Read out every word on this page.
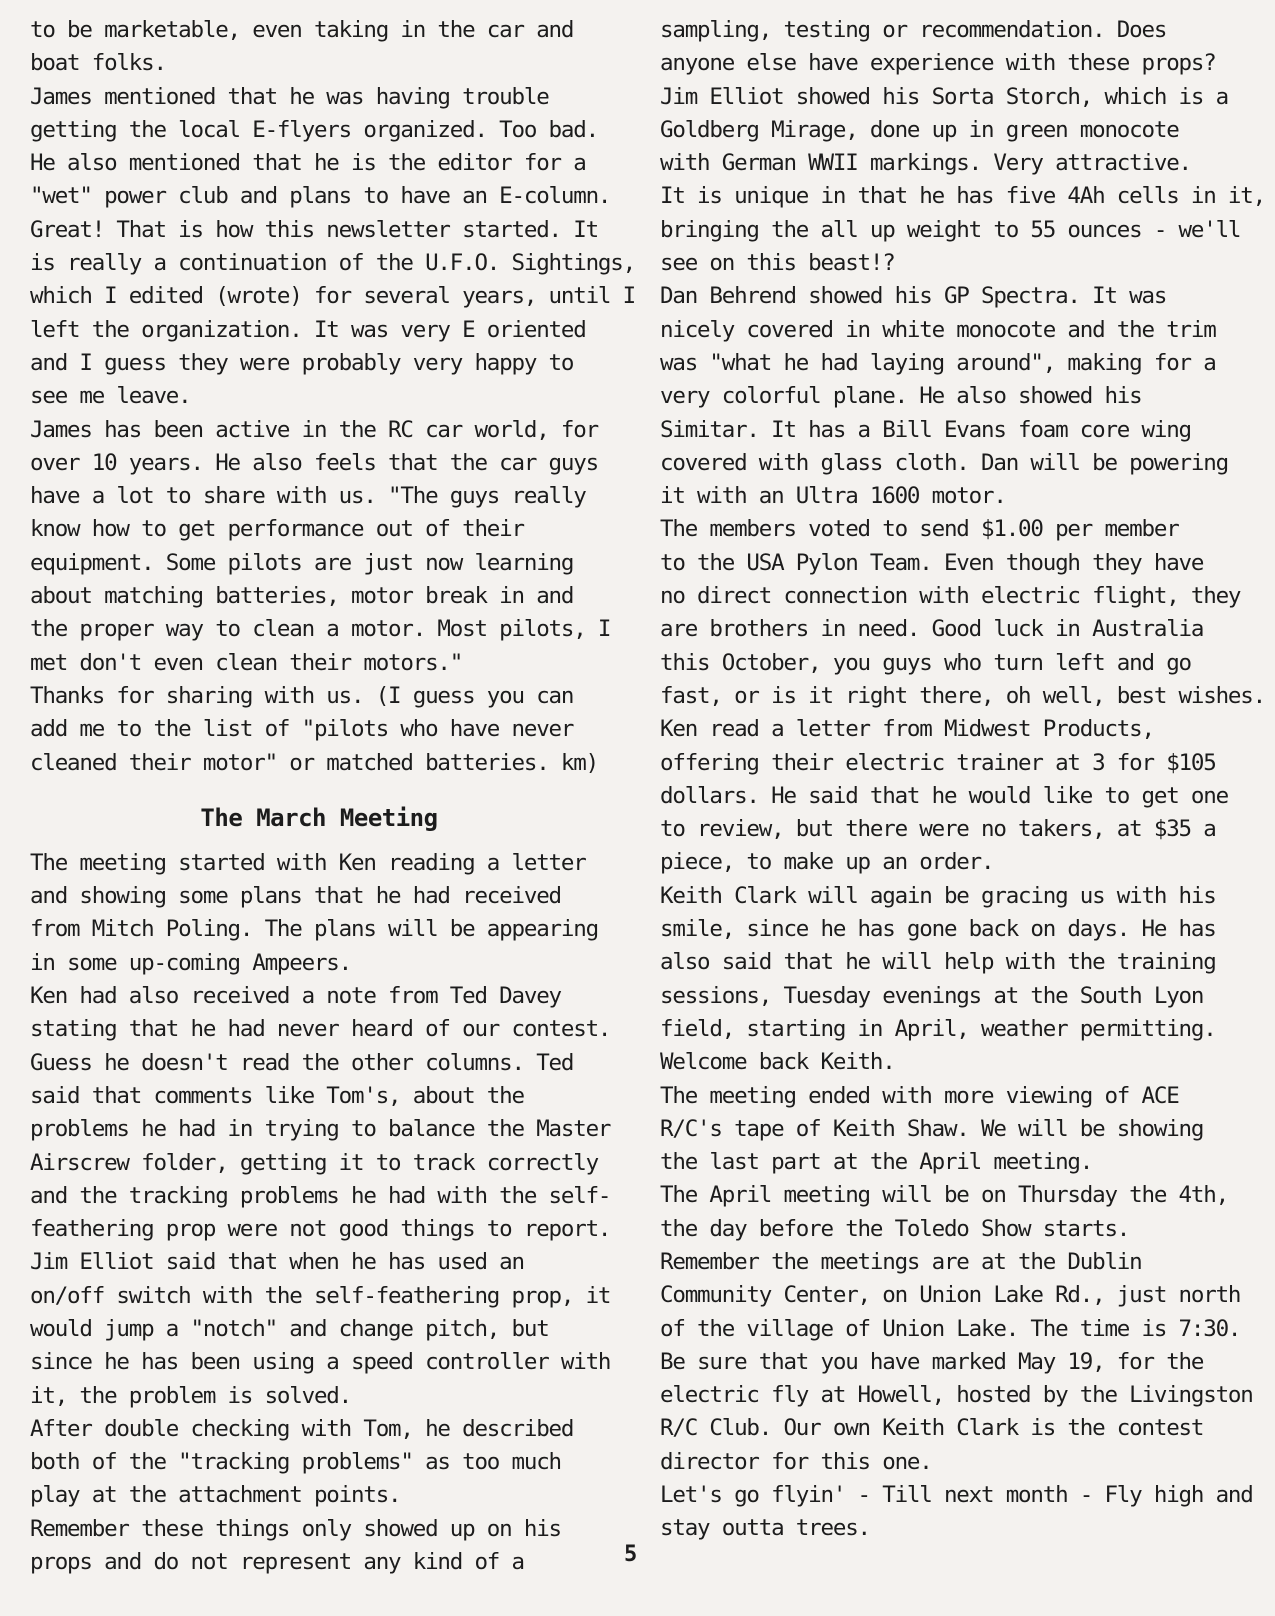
to be marketable, even taking in the car and
boat folks.
James mentioned that he was having trouble
getting the local E-flyers organized. Too bad.
He also mentioned that he is the editor for a
"wet" power club and plans to have an E-column.
Great! That is how this newsletter started. It
is really a continuation of the U.F.O. Sightings,
which I edited (wrote) for several years, until I
left the organization. It was very E oriented
and I guess they were probably very happy to
see me leave.
James has been active in the RC car world, for
over 10 years. He also feels that the car guys
have a lot to share with us. "The guys really
know how to get performance out of their
equipment. Some pilots are just now learning
about matching batteries, motor break in and
the proper way to clean a motor. Most pilots, I
met don't even clean their motors."
Thanks for sharing with us. (I guess you can
add me to the list of "pilots who have never
cleaned their motor" or matched batteries. km)
The March Meeting
The meeting started with Ken reading a letter
and showing some plans that he had received
from Mitch Poling. The plans will be appearing
in some up-coming Ampeers.
Ken had also received a note from Ted Davey
stating that he had never heard of our contest.
Guess he doesn't read the other columns. Ted
said that comments like Tom's, about the
problems he had in trying to balance the Master
Airscrew folder, getting it to track correctly
and the tracking problems he had with the self-
feathering prop were not good things to report.
Jim Elliot said that when he has used an
on/off switch with the self-feathering prop, it
would jump a "notch" and change pitch, but
since he has been using a speed controller with
it, the problem is solved.
After double checking with Tom, he described
both of the "tracking problems" as too much
play at the attachment points.
Remember these things only showed up on his
props and do not represent any kind of a
sampling, testing or recommendation. Does
anyone else have experience with these props?
Jim Elliot showed his Sorta Storch, which is a
Goldberg Mirage, done up in green monocote
with German WWII markings. Very attractive.
It is unique in that he has five 4Ah cells in it,
bringing the all up weight to 55 ounces - we'll
see on this beast!?
Dan Behrend showed his GP Spectra. It was
nicely covered in white monocote and the trim
was "what he had laying around", making for a
very colorful plane. He also showed his
Simitar. It has a Bill Evans foam core wing
covered with glass cloth. Dan will be powering
it with an Ultra 1600 motor.
The members voted to send $1.00 per member
to the USA Pylon Team. Even though they have
no direct connection with electric flight, they
are brothers in need. Good luck in Australia
this October, you guys who turn left and go
fast, or is it right there, oh well, best wishes.
Ken read a letter from Midwest Products,
offering their electric trainer at 3 for $105
dollars. He said that he would like to get one
to review, but there were no takers, at $35 a
piece, to make up an order.
Keith Clark will again be gracing us with his
smile, since he has gone back on days. He has
also said that he will help with the training
sessions, Tuesday evenings at the South Lyon
field, starting in April, weather permitting.
Welcome back Keith.
The meeting ended with more viewing of ACE
R/C's tape of Keith Shaw. We will be showing
the last part at the April meeting.
The April meeting will be on Thursday the 4th,
the day before the Toledo Show starts.
Remember the meetings are at the Dublin
Community Center, on Union Lake Rd., just north
of the village of Union Lake. The time is 7:30.
Be sure that you have marked May 19, for the
electric fly at Howell, hosted by the Livingston
R/C Club. Our own Keith Clark is the contest
director for this one.
Let's go flyin' - Till next month - Fly high and
stay outta trees.
5
